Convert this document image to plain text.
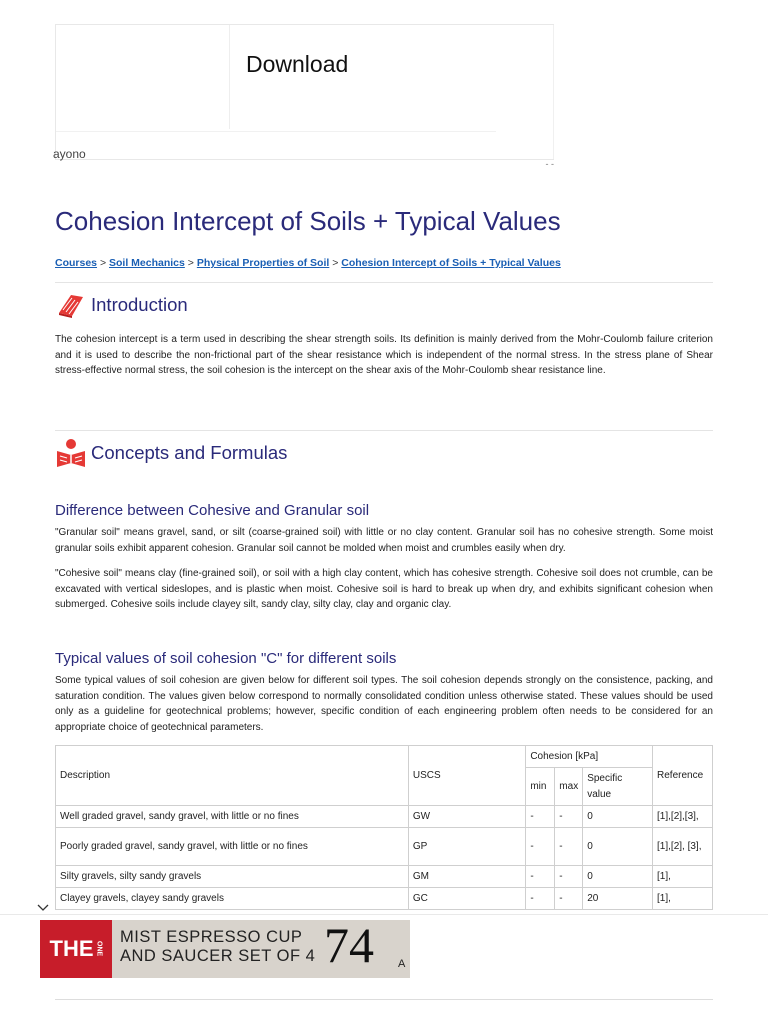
Download
ayono
- -
Cohesion Intercept of Soils + Typical Values
Courses > Soil Mechanics > Physical Properties of Soil > Cohesion Intercept of Soils + Typical Values
Introduction

The cohesion intercept is a term used in describing the shear strength soils. Its definition is mainly derived from the Mohr-Coulomb failure criterion and it is used to describe the non-frictional part of the shear resistance which is independent of the normal stress. In the stress plane of Shear stress-effective normal stress, the soil cohesion is the intercept on the shear axis of the Mohr-Coulomb shear resistance line.

Concepts and Formulas
Difference between Cohesive and Granular soil

"Granular soil" means gravel, sand, or silt (coarse-grained soil) with little or no clay content. Granular soil has no cohesive strength. Some moist granular soils exhibit apparent cohesion. Granular soil cannot be molded when moist and crumbles easily when dry.

"Cohesive soil" means clay (fine-grained soil), or soil with a high clay content, which has cohesive strength. Cohesive soil does not crumble, can be excavated with vertical sideslopes, and is plastic when moist. Cohesive soil is hard to break up when dry, and exhibits significant cohesion when submerged. Cohesive soils include clayey silt, sandy clay, silty clay, clay and organic clay.

Typical values of soil cohesion "C" for different soils

Some typical values of soil cohesion are given below for different soil types. The soil cohesion depends strongly on the consistence, packing, and saturation condition. The values given below correspond to normally consolidated condition unless otherwise stated. These values should be used only as a guideline for geotechnical problems; however, specific condition of each engineering problem often needs to be considered for an appropriate choice of geotechnical parameters.

Description	USCS	Cohesion [kPa]			Reference
		min	max	Specific value	
Well graded gravel, sandy gravel, with little or no fines	GW	-	-	0	[1],[2],[3],
Poorly graded gravel, sandy gravel, with little or no fines	GP	-	-	0	[1],[2], [3],
Silty gravels, silty sandy gravels	GM	-	-	0	[1],
Clayey gravels, clayey sandy gravels	GC	-	-	20	[1],
THE ONE
MIST ESPRESSO CUP
AND SAUCER SET OF 4 74 A
